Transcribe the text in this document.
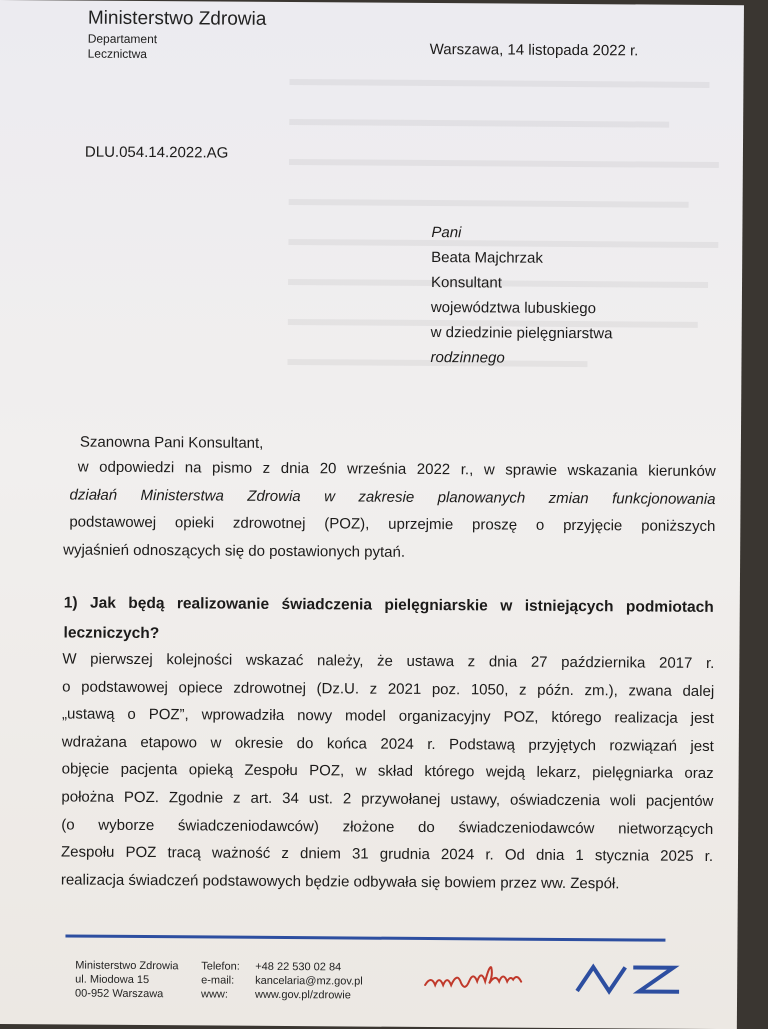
Ministerstwo Zdrowia
Departament
Lecznictwa	Warszawa, 14 listopada 2022 r.
DLU.054.14.2022.AG
Pani
Beata Majchrzak
Konsultant
województwa lubuskiego
w dziedzinie pielęgniarstwa
rodzinnego
Szanowna Pani Konsultant,
w odpowiedzi na pismo z dnia 20 września 2022 r., w sprawie wskazania kierunków
działań Ministerstwa Zdrowia w zakresie planowanych zmian funkcjonowania
podstawowej opieki zdrowotnej (POZ), uprzejmie proszę o przyjęcie poniższych
wyjaśnień odnoszących się do postawionych pytań.
1) Jak będą realizowanie świadczenia pielęgniarskie w istniejących podmiotach
leczniczych?
W pierwszej kolejności wskazać należy, że ustawa z dnia 27 października 2017 r.
o podstawowej opiece zdrowotnej (Dz.U. z 2021 poz. 1050, z późn. zm.), zwana dalej
„ustawą o POZ”, wprowadziła nowy model organizacyjny POZ, którego realizacja jest
wdrażana etapowo w okresie do końca 2024 r. Podstawą przyjętych rozwiązań jest
objęcie pacjenta opieką Zespołu POZ, w skład którego wejdą lekarz, pielęgniarka oraz
położna POZ. Zgodnie z art. 34 ust. 2 przywołanej ustawy, oświadczenia woli pacjentów
(o wyborze świadczeniodawców) złożone do świadczeniodawców nietworzących
Zespołu POZ tracą ważność z dniem 31 grudnia 2024 r. Od dnia 1 stycznia 2025 r.
realizacja świadczeń podstawowych będzie odbywała się bowiem przez ww. Zespół.
Ministerstwo Zdrowia
ul. Miodowa 15
00-952 Warszawa
Telefon:
e-mail:
www:
+48 22 530 02 84
kancelaria@mz.gov.pl
www.gov.pl/zdrowie
